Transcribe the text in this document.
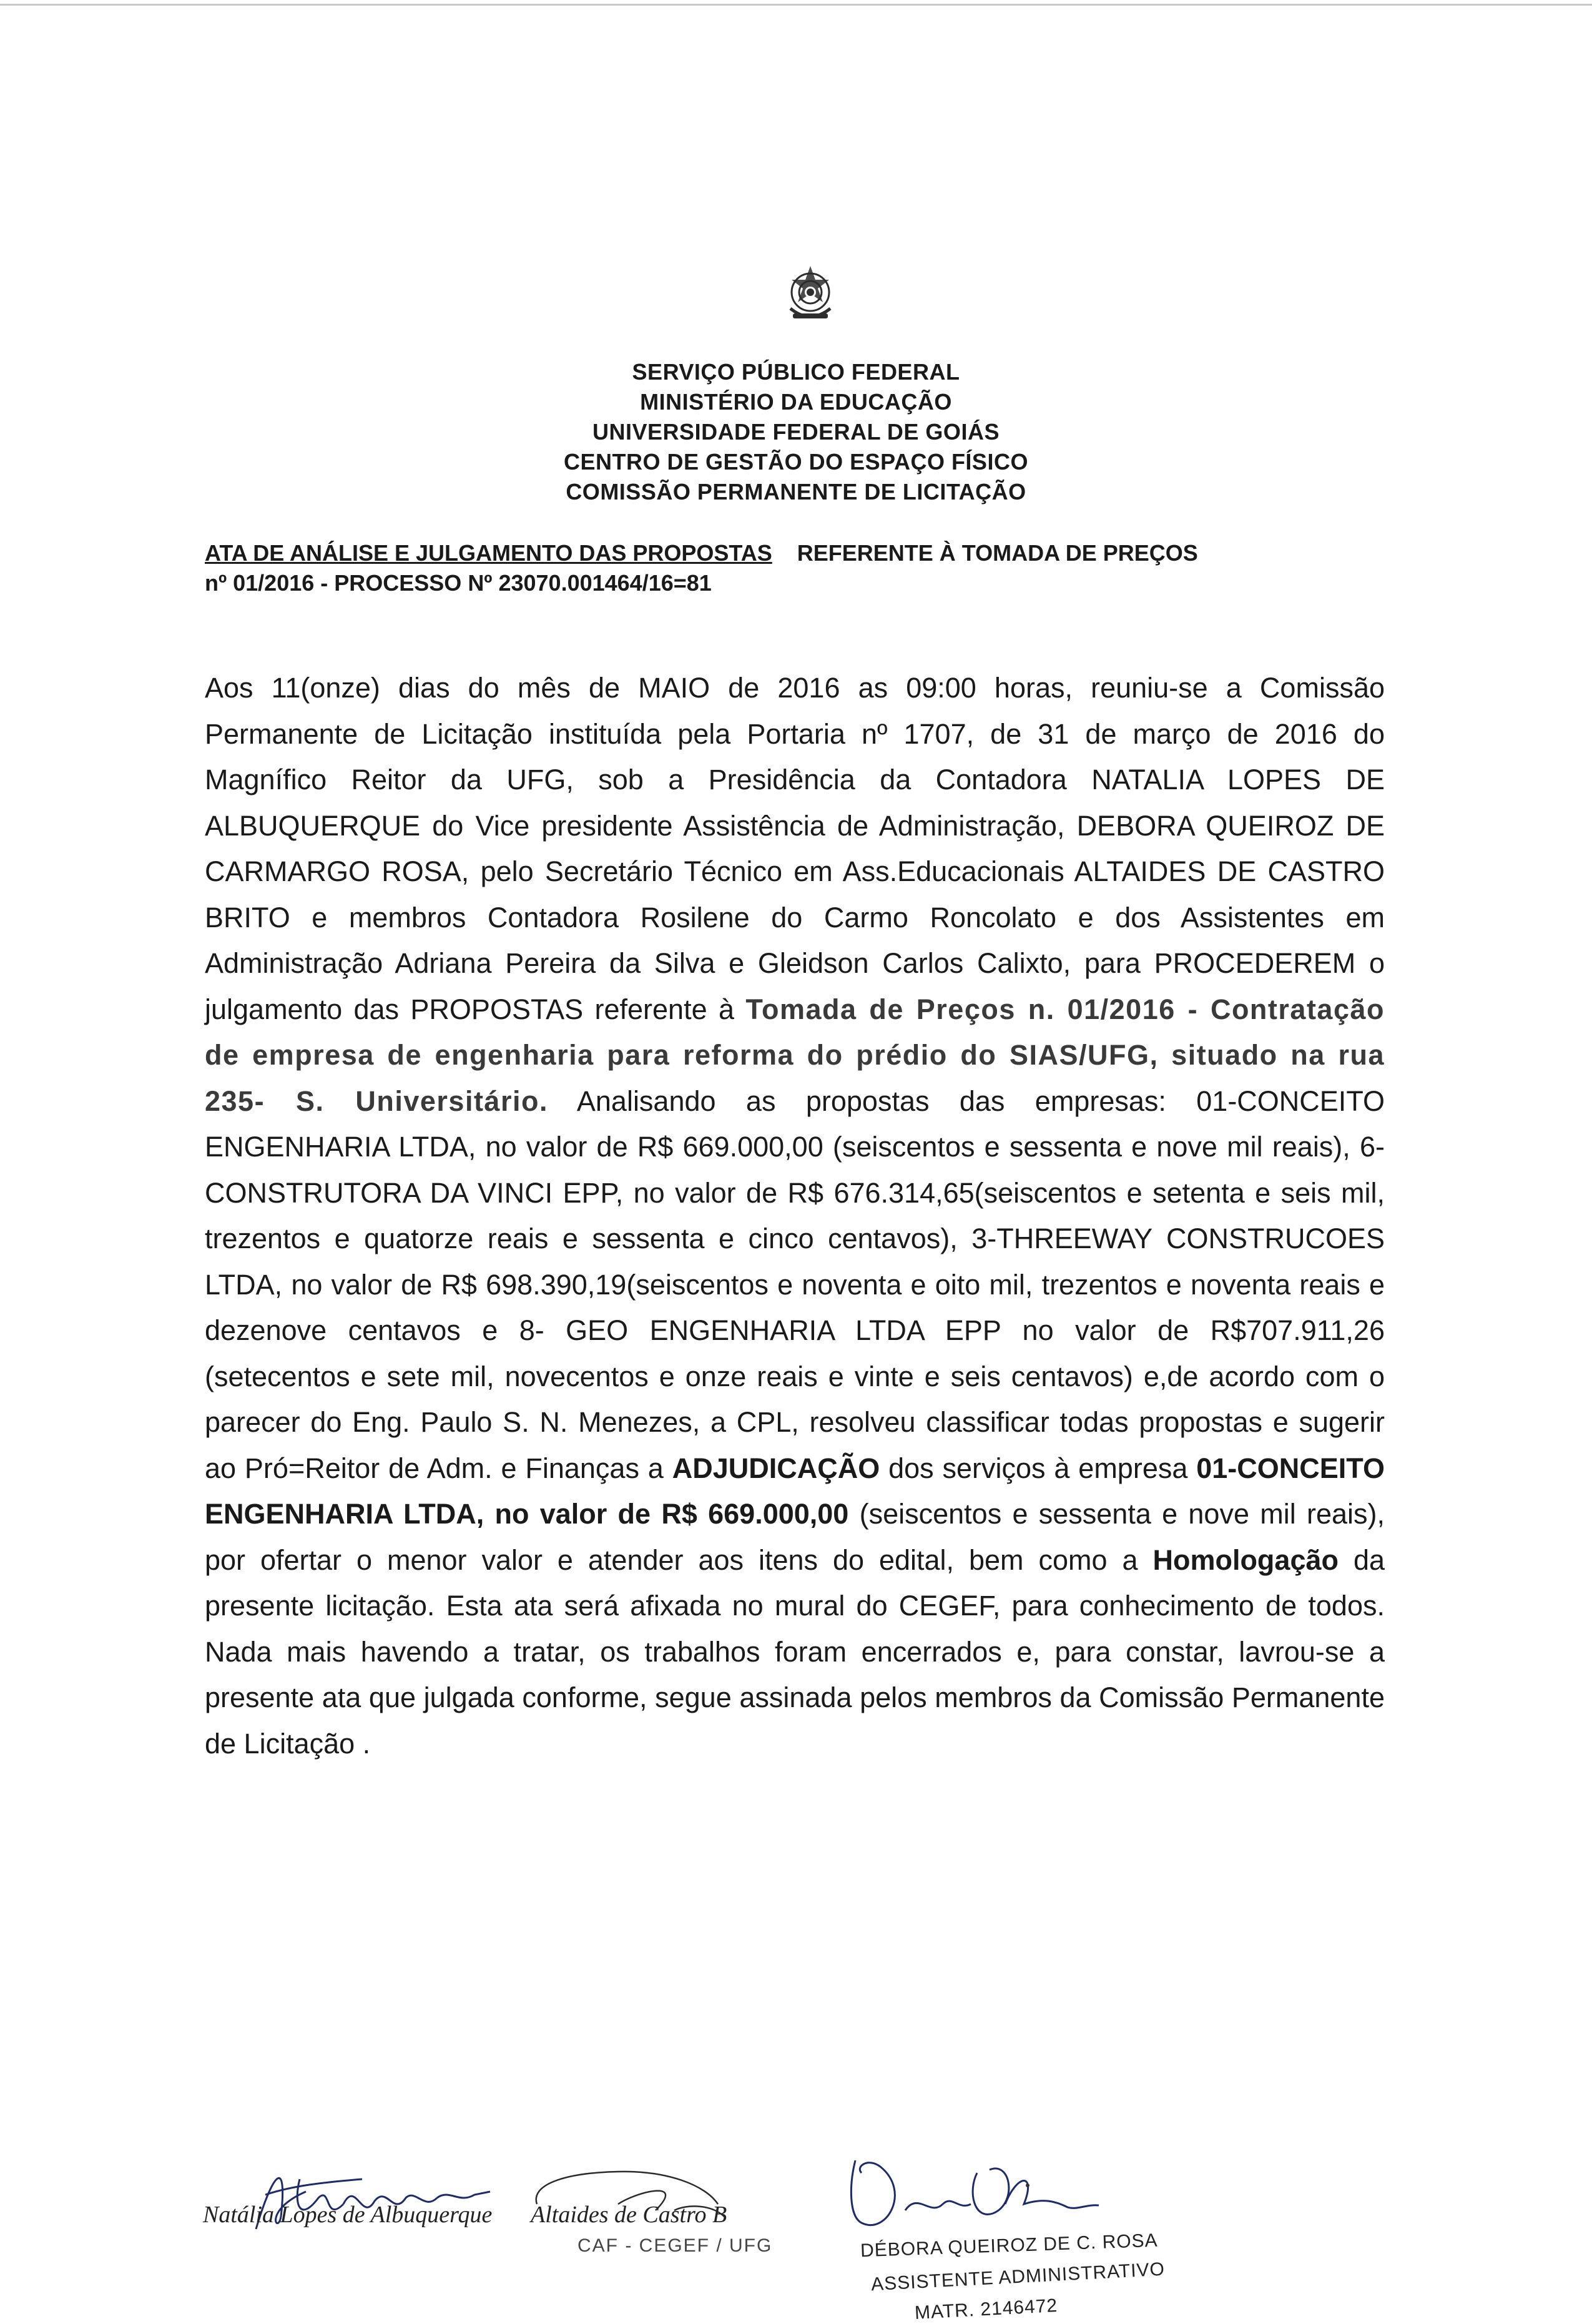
SERVIÇO PÚBLICO FEDERAL
MINISTÉRIO DA EDUCAÇÃO
UNIVERSIDADE FEDERAL DE GOIÁS
CENTRO DE GESTÃO DO ESPAÇO FÍSICO
COMISSÃO PERMANENTE DE LICITAÇÃO
ATA DE ANÁLISE E JULGAMENTO DAS PROPOSTAS REFERENTE À TOMADA DE PREÇOS
nº 01/2016 - PROCESSO Nº 23070.001464/16=81
Aos 11(onze) dias do mês de MAIO de 2016 as 09:00 horas, reuniu-se a Comissão Permanente de Licitação instituída pela Portaria nº 1707, de 31 de março de 2016 do Magnífico Reitor da UFG, sob a Presidência da Contadora NATALIA LOPES DE ALBUQUERQUE do Vice presidente Assistência de Administração, DEBORA QUEIROZ DE CARMARGO ROSA, pelo Secretário Técnico em Ass.Educacionais ALTAIDES DE CASTRO BRITO e membros Contadora Rosilene do Carmo Roncolato e dos Assistentes em Administração Adriana Pereira da Silva e Gleidson Carlos Calixto, para PROCEDEREM o julgamento das PROPOSTAS referente à Tomada de Preços n. 01/2016 - Contratação de empresa de engenharia para reforma do prédio do SIAS/UFG, situado na rua 235- S. Universitário. Analisando as propostas das empresas: 01-CONCEITO ENGENHARIA LTDA, no valor de R$ 669.000,00 (seiscentos e sessenta e nove mil reais), 6- CONSTRUTORA DA VINCI EPP, no valor de R$ 676.314,65(seiscentos e setenta e seis mil, trezentos e quatorze reais e sessenta e cinco centavos), 3-THREEWAY CONSTRUCOES LTDA, no valor de R$ 698.390,19(seiscentos e noventa e oito mil, trezentos e noventa reais e dezenove centavos e 8- GEO ENGENHARIA LTDA EPP no valor de R$707.911,26 (setecentos e sete mil, novecentos e onze reais e vinte e seis centavos) e,de acordo com o parecer do Eng. Paulo S. N. Menezes, a CPL, resolveu classificar todas propostas e sugerir ao Pró=Reitor de Adm. e Finanças a ADJUDICAÇÃO dos serviços à empresa 01-CONCEITO ENGENHARIA LTDA, no valor de R$ 669.000,00 (seiscentos e sessenta e nove mil reais), por ofertar o menor valor e atender aos itens do edital, bem como a Homologação da presente licitação. Esta ata será afixada no mural do CEGEF, para conhecimento de todos. Nada mais havendo a tratar, os trabalhos foram encerrados e, para constar, lavrou-se a presente ata que julgada conforme, segue assinada pelos membros da Comissão Permanente de Licitação .
Natália Lopes de Albuquerque Altaides de Castro B
CAF - CEGEF / UFG	DÉBORA QUEIROZ DE C. ROSA
ASSISTENTE ADMINISTRATIVO
MATR. 2146472
